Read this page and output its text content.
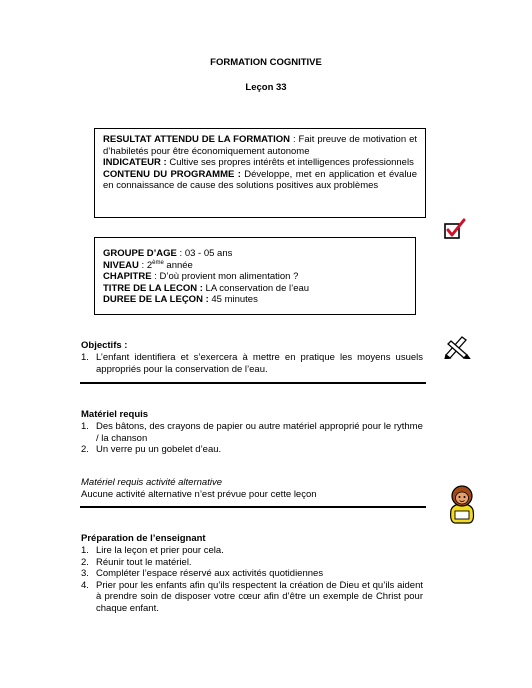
FORMATION COGNITIVE
Leçon 33

RESULTAT ATTENDU DE LA FORMATION : Fait preuve de motivation et d’habiletés pour être économiquement autonome

INDICATEUR : Cultive ses propres intérêts et intelligences professionnels

CONTENU DU PROGRAMME : Développe, met en application et évalue en connaissance de cause des solutions positives aux problèmes

GROUPE D’AGE : 03 - 05 ans

NIVEAU : 2ème année

CHAPITRE : D’où provient mon alimentation ?

TITRE DE LA LECON : LA conservation de l’eau

DUREE DE LA LEÇON : 45 minutes

Objectifs :
1. L’enfant identifiera et s’exercera à mettre en pratique les moyens usuels appropriés pour la conservation de l’eau.
Matériel requis
1. Des bâtons, des crayons de papier ou autre matériel approprié pour le rythme / la chanson
2. Un verre pu un gobelet d’eau.
Matériel requis activité alternative
Aucune activité alternative n’est prévue pour cette leçon
Préparation de l’enseignant
1. Lire la leçon et prier pour cela.
2. Réunir tout le matériel.
3. Compléter l’espace réservé aux activités quotidiennes
4. Prier pour les enfants afin qu’ils respectent la création de Dieu et qu’ils aident à prendre soin de disposer votre cœur afin d’être un exemple de Christ pour chaque enfant.
